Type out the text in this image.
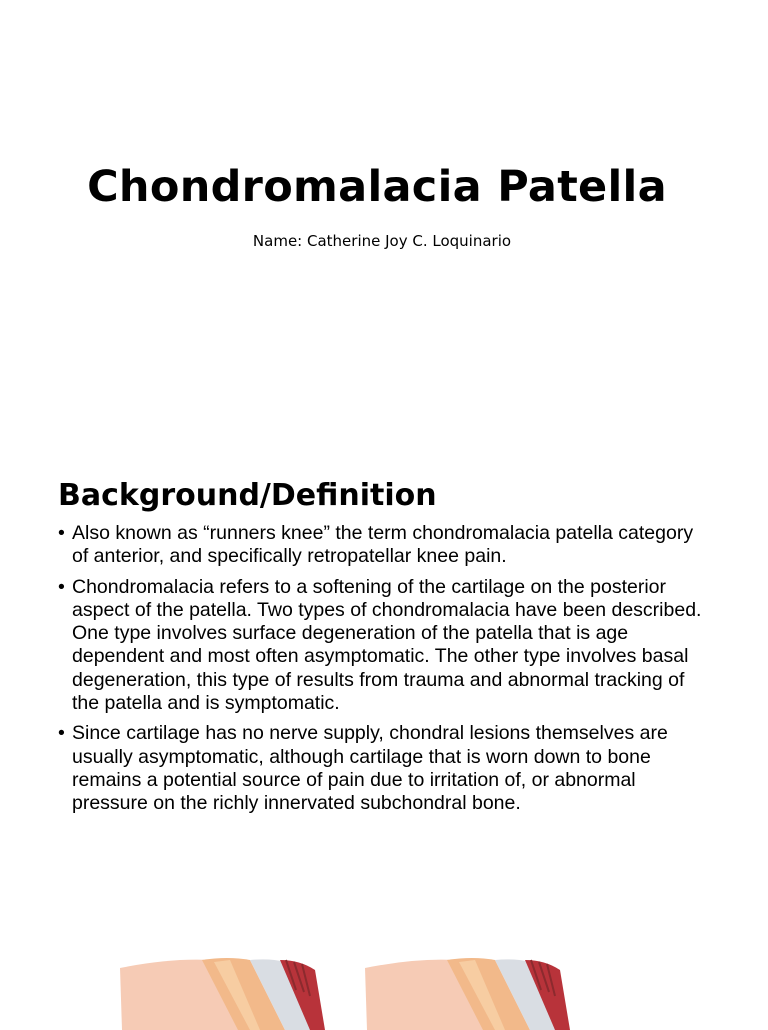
Chondromalacia Patella

Name: Catherine Joy C. Loquinario

Background/Definition
• Also known as “runners knee” the term chondromalacia patella category of anterior, and specifically retropatellar knee pain.
• Chondromalacia refers to a softening of the cartilage on the posterior aspect of the patella. Two types of chondromalacia have been described. One type involves surface degeneration of the patella that is age dependent and most often asymptomatic. The other type involves basal degeneration, this type of results from trauma and abnormal tracking of the patella and is symptomatic.
• Since cartilage has no nerve supply, chondral lesions themselves are usually asymptomatic, although cartilage that is worn down to bone remains a potential source of pain due to irritation of, or abnormal pressure on the richly innervated subchondral bone.
